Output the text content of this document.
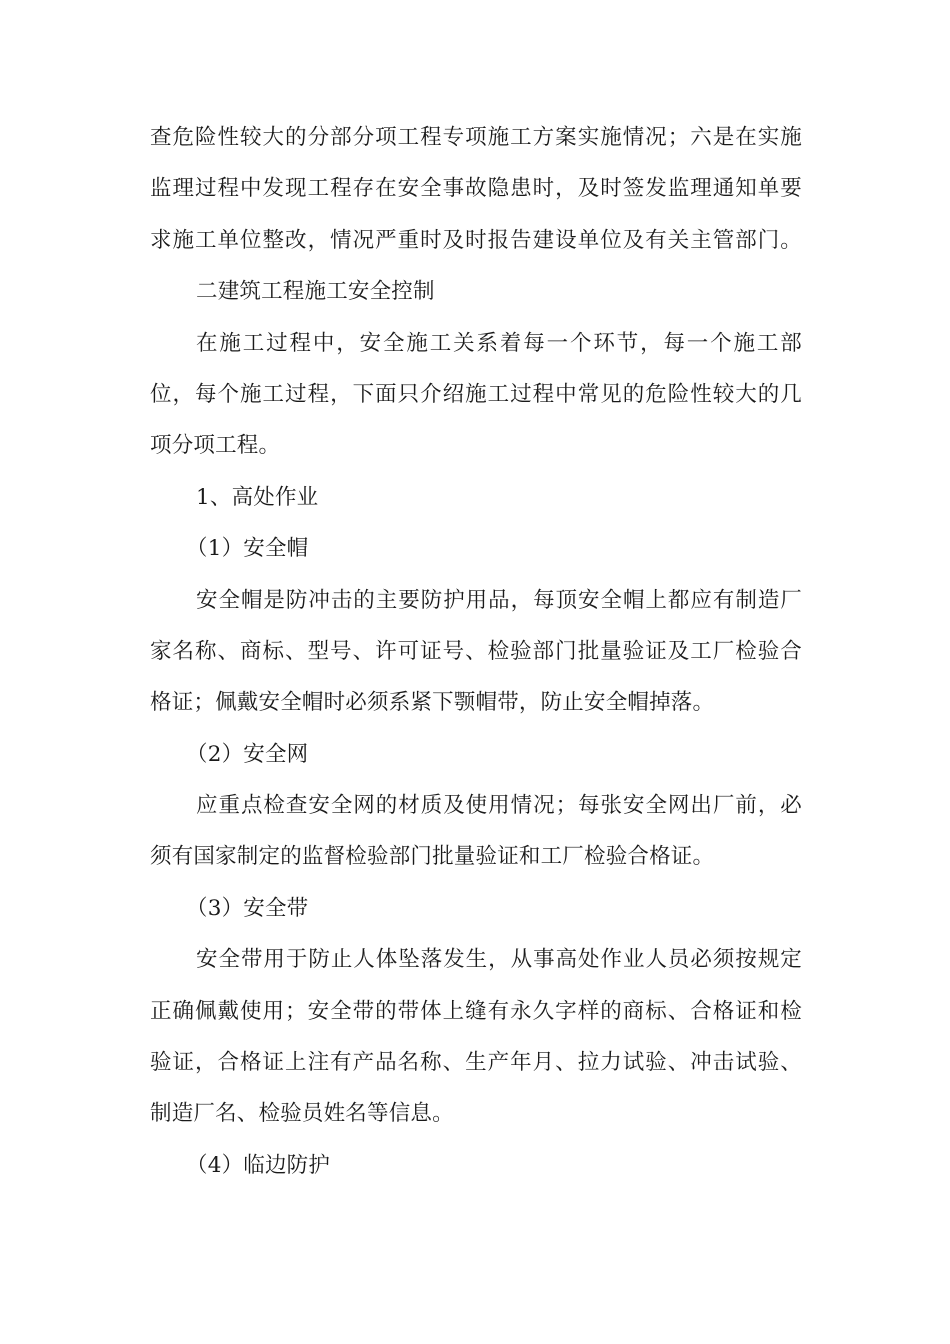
查危险性较大的分部分项工程专项施工方案实施情况；六是在实施
监理过程中发现工程存在安全事故隐患时，及时签发监理通知单要
求施工单位整改，情况严重时及时报告建设单位及有关主管部门。
二建筑工程施工安全控制
在施工过程中，安全施工关系着每一个环节，每一个施工部
位，每个施工过程，下面只介绍施工过程中常见的危险性较大的几
项分项工程。
1、高处作业
（1）安全帽
安全帽是防冲击的主要防护用品，每顶安全帽上都应有制造厂
家名称、商标、型号、许可证号、检验部门批量验证及工厂检验合
格证；佩戴安全帽时必须系紧下颚帽带，防止安全帽掉落。
（2）安全网
应重点检查安全网的材质及使用情况；每张安全网出厂前，必
须有国家制定的监督检验部门批量验证和工厂检验合格证。
（3）安全带
安全带用于防止人体坠落发生，从事高处作业人员必须按规定
正确佩戴使用；安全带的带体上缝有永久字样的商标、合格证和检
验证，合格证上注有产品名称、生产年月、拉力试验、冲击试验、
制造厂名、检验员姓名等信息。
（4）临边防护
